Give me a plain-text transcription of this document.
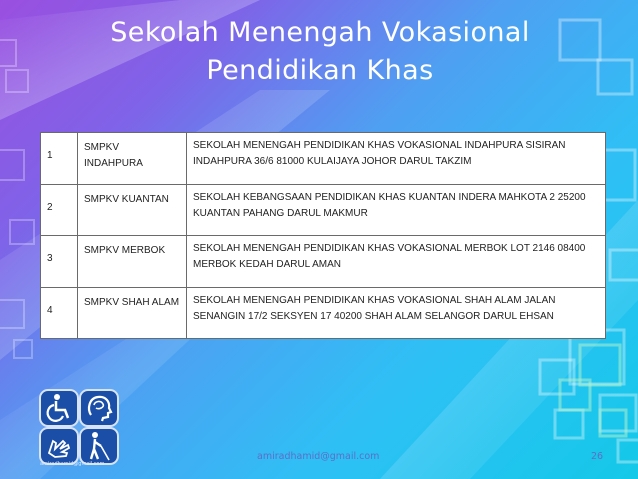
Sekolah Menengah Vokasional
Pendidikan Khas
1	SMPKV INDAHPURA	SEKOLAH MENENGAH PENDIDIKAN KHAS VOKASIONAL INDAHPURA SISIRAN INDAHPURA 36/6 81000 KULAIJAYA JOHOR DARUL TAKZIM
2	SMPKV KUANTAN	SEKOLAH KEBANGSAAN PENDIDIKAN KHAS KUANTAN INDERA MAHKOTA 2 25200 KUANTAN PAHANG DARUL MAKMUR
3	SMPKV MERBOK	SEKOLAH MENENGAH PENDIDIKAN KHAS VOKASIONAL MERBOK LOT 2146 08400 MERBOK KEDAH DARUL AMAN
4	SMPKV SHAH ALAM	SEKOLAH MENENGAH PENDIDIKAN KHAS VOKASIONAL SHAH ALAM JALAN SENANGIN 17/2 SEKSYEN 17 40200 SHAH ALAM SELANGOR DARUL EHSAN
amiradhamid@gmail.com
amiradhamid@gmail.com	26
